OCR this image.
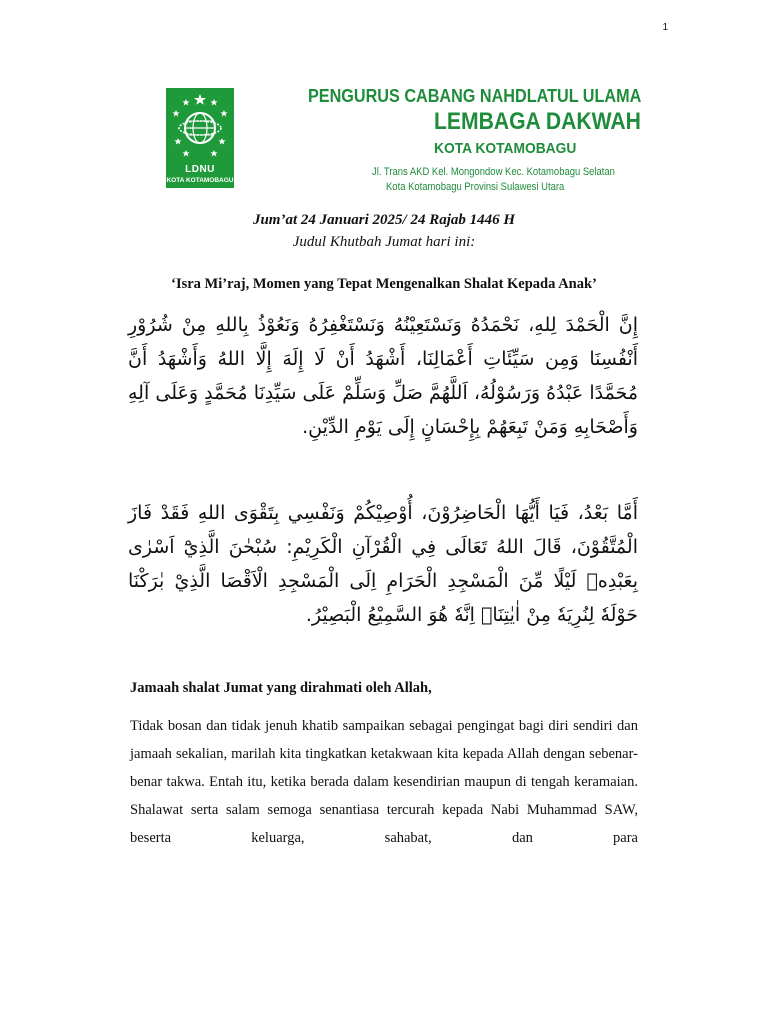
1
LDNU
KOTA KOTAMOBAGU
PENGURUS CABANG NAHDLATUL ULAMA
LEMBAGA DAKWAH
KOTA KOTAMOBAGU
Jl. Trans AKD Kel. Mongondow Kec. Kotamobagu Selatan
Kota Kotamobagu Provinsi Sulawesi Utara
Jum’at 24 Januari 2025/ 24 Rajab 1446 H
Judul Khutbah Jumat hari ini:
‘Isra Mi’raj, Momen yang Tepat Mengenalkan Shalat Kepada Anak’
إِنَّ الْحَمْدَ لِلهِ، نَحْمَدُهُ وَنَسْتَعِيْنُهُ وَنَسْتَغْفِرُهُ وَنَعُوْذُ بِاللهِ مِنْ شُرُوْرِ أَنْفُسِنَا وَمِن سَيِّئَاتِ أَعْمَالِنَا، أَشْهَدُ أَنْ لَا إِلَهَ إِلَّا اللهُ وَأَشْهَدُ أَنَّ مُحَمَّدًا عَبْدُهُ وَرَسُوْلُهُ، اَللَّهُمَّ صَلِّ وَسَلِّمْ عَلَى سَيِّدِنَا مُحَمَّدٍ وَعَلَى آلِهِ وَأَصْحَابِهِ وَمَنْ تَبِعَهُمْ بِإِحْسَانٍ إِلَى يَوْمِ الدِّيْنِ.
أَمَّا بَعْدُ، فَيَا أَيُّهَا الْحَاضِرُوْنَ، أُوْصِيْكُمْ وَنَفْسِي بِتَقْوَى اللهِ فَقَدْ فَازَ الْمُتَّقُوْنَ، قَالَ اللهُ تَعَالَى فِي الْقُرْآنِ الْكَرِيْمِ: سُبْحٰنَ الَّذِيْٓ اَسْرٰى بِعَبْدِهٖ لَيْلًا مِّنَ الْمَسْجِدِ الْحَرَامِ اِلَى الْمَسْجِدِ الْاَقْصَا الَّذِيْ بٰرَكْنَا حَوْلَهٗ لِنُرِيَهٗ مِنْ اٰيٰتِنَاۗ اِنَّهٗ هُوَ السَّمِيْعُ الْبَصِيْرُ.
Jamaah shalat Jumat yang dirahmati oleh Allah,
Tidak bosan dan tidak jenuh khatib sampaikan sebagai pengingat bagi diri sendiri dan jamaah sekalian, marilah kita tingkatkan ketakwaan kita kepada Allah dengan sebenar-benar takwa. Entah itu, ketika berada dalam kesendirian maupun di tengah keramaian. Shalawat serta salam semoga senantiasa tercurah kepada Nabi Muhammad SAW, beserta keluarga, sahabat, dan para
